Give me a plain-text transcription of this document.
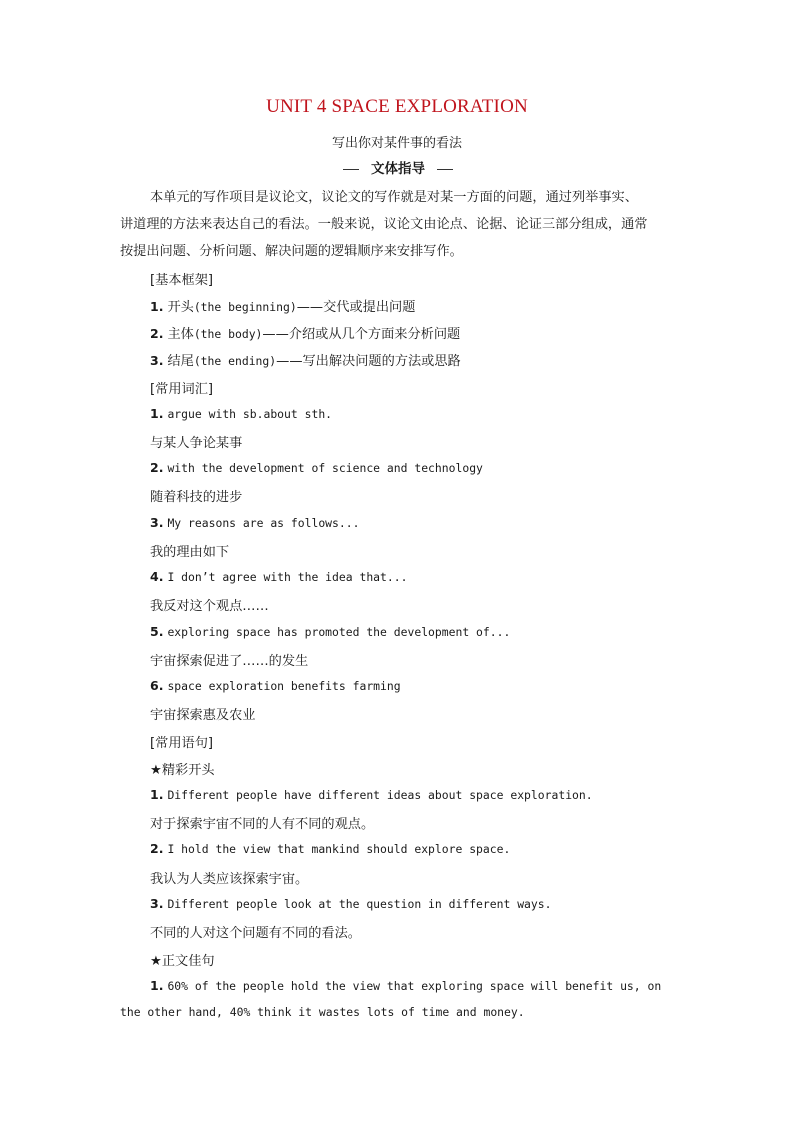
UNIT 4 SPACE EXPLORATION
写出你对某件事的看法
文体指导
本单元的写作项目是议论文，议论文的写作就是对某一方面的问题，通过列举事实、
讲道理的方法来表达自己的看法。一般来说，议论文由论点、论据、论证三部分组成，通常
按提出问题、分析问题、解决问题的逻辑顺序来安排写作。
[基本框架]
1. 开头(the beginning)——交代或提出问题
2. 主体(the body)——介绍或从几个方面来分析问题
3. 结尾(the ending)——写出解决问题的方法或思路
[常用词汇]
1. argue with sb.about sth.
与某人争论某事
2. with the development of science and technology
随着科技的进步
3. My reasons are as follows...
我的理由如下
4. I don’t agree with the idea that...
我反对这个观点……
5. exploring space has promoted the development of...
宇宙探索促进了……的发生
6. space exploration benefits farming
宇宙探索惠及农业
[常用语句]
★精彩开头
1. Different people have different ideas about space exploration.
对于探索宇宙不同的人有不同的观点。
2. I hold the view that mankind should explore space.
我认为人类应该探索宇宙。
3. Different people look at the question in different ways.
不同的人对这个问题有不同的看法。
★正文佳句
1. 60% of the people hold the view that exploring space will benefit us, on
the other hand, 40% think it wastes lots of time and money.
